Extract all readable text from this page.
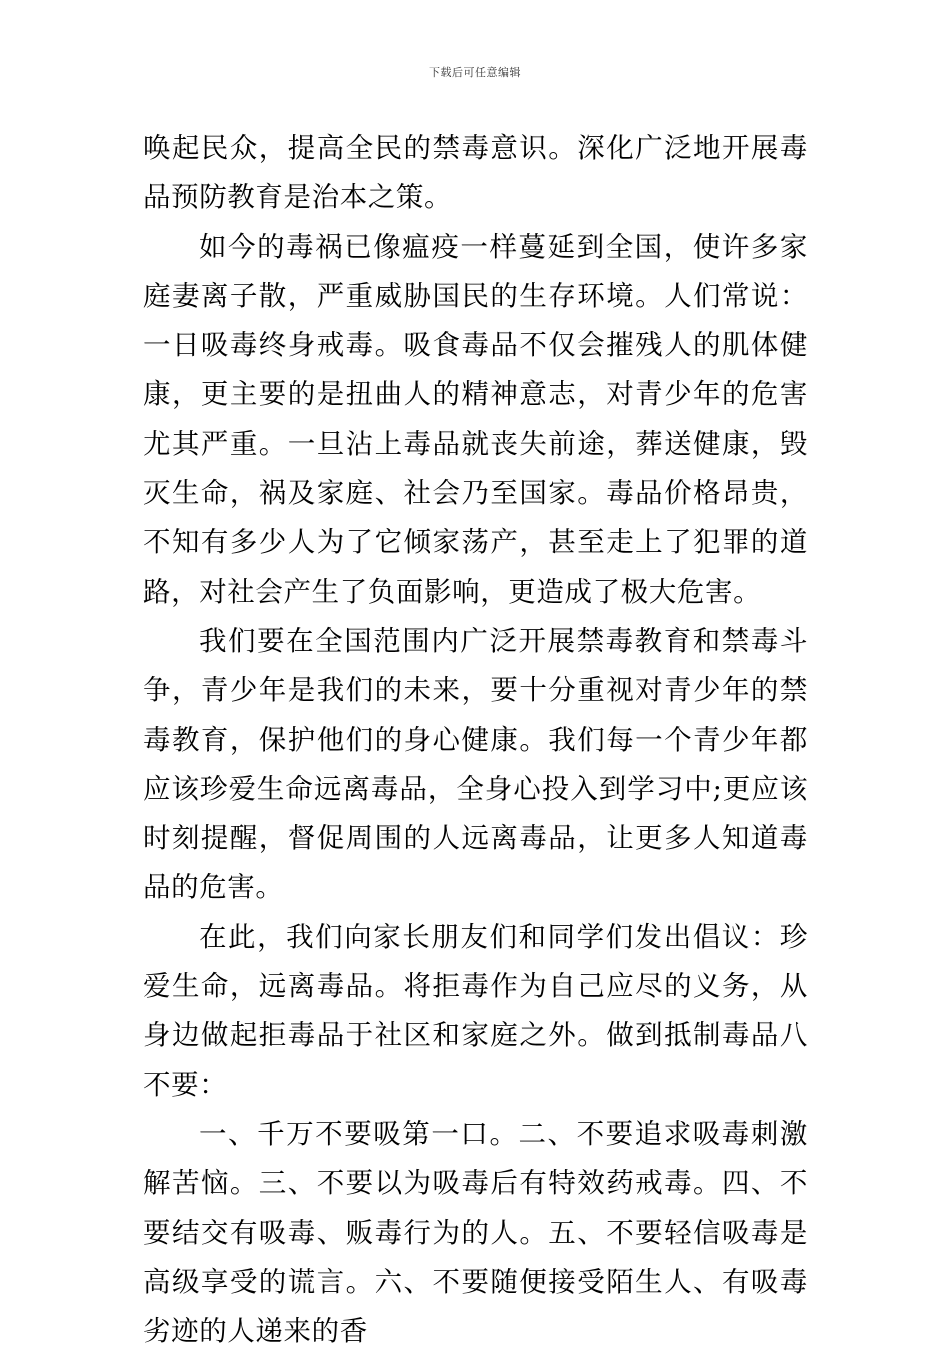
下载后可任意编辑

唤起民众，提高全民的禁毒意识。深化广泛地开展毒品预防教育是治本之策。

如今的毒祸已像瘟疫一样蔓延到全国，使许多家庭妻离子散，严重威胁国民的生存环境。人们常说：一日吸毒终身戒毒。吸食毒品不仅会摧残人的肌体健康，更主要的是扭曲人的精神意志，对青少年的危害尤其严重。一旦沾上毒品就丧失前途，葬送健康，毁灭生命，祸及家庭、社会乃至国家。毒品价格昂贵，不知有多少人为了它倾家荡产，甚至走上了犯罪的道路，对社会产生了负面影响，更造成了极大危害。

我们要在全国范围内广泛开展禁毒教育和禁毒斗争，青少年是我们的未来，要十分重视对青少年的禁毒教育，保护他们的身心健康。我们每一个青少年都应该珍爱生命远离毒品，全身心投入到学习中;更应该时刻提醒，督促周围的人远离毒品，让更多人知道毒品的危害。

在此，我们向家长朋友们和同学们发出倡议：珍爱生命，远离毒品。将拒毒作为自己应尽的义务，从身边做起拒毒品于社区和家庭之外。做到抵制毒品八不要：

一、千万不要吸第一口。二、不要追求吸毒刺激解苦恼。三、不要以为吸毒后有特效药戒毒。四、不要结交有吸毒、贩毒行为的人。五、不要轻信吸毒是高级享受的谎言。六、不要随便接受陌生人、有吸毒劣迹的人递来的香
